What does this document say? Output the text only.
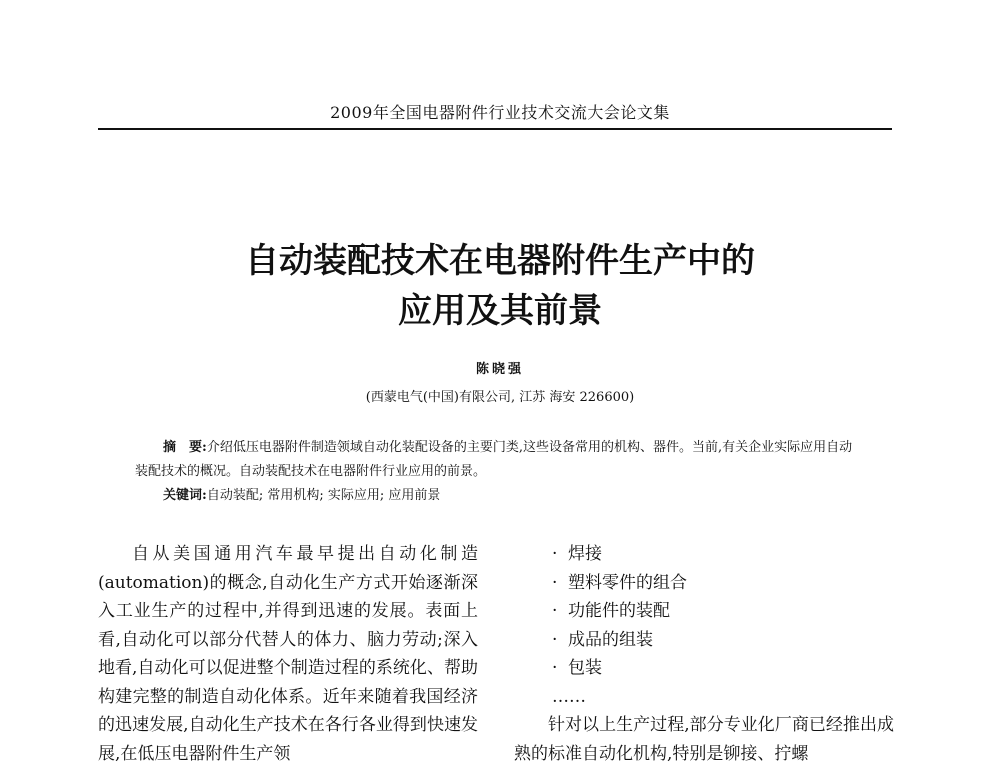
2009年全国电器附件行业技术交流大会论文集
自动装配技术在电器附件生产中的
应用及其前景
陈晓强
(西蒙电气(中国)有限公司, 江苏 海安 226600)

摘　要:介绍低压电器附件制造领域自动化装配设备的主要门类,这些设备常用的机构、器件。当前,有关企业实际应用自动装配技术的概况。自动装配技术在电器附件行业应用的前景。

关键词:自动装配; 常用机构; 实际应用; 应用前景

自从美国通用汽车最早提出自动化制造(automation)的概念,自动化生产方式开始逐渐深入工业生产的过程中,并得到迅速的发展。表面上看,自动化可以部分代替人的体力、脑力劳动;深入地看,自动化可以促进整个制造过程的系统化、帮助构建完整的制造自动化体系。近年来随着我国经济的迅速发展,自动化生产技术在各行各业得到快速发展,在低压电器附件生产领

· 焊接
· 塑料零件的组合
· 功能件的装配
· 成品的组装
· 包装
……

针对以上生产过程,部分专业化厂商已经推出成熟的标准自动化机构,特别是铆接、拧螺
